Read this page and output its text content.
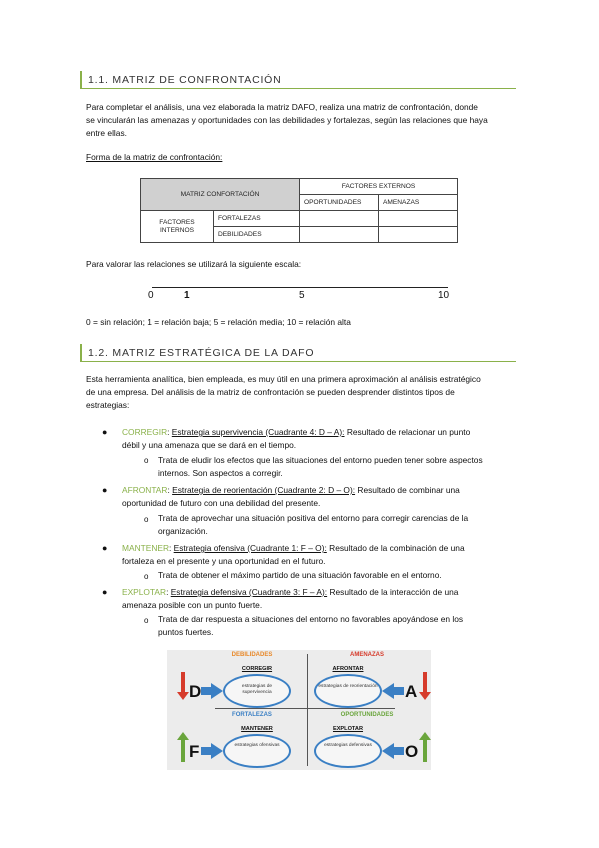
1.1. MATRIZ DE CONFRONTACIÓN
Para completar el análisis, una vez elaborada la matriz DAFO, realiza una matriz de confrontación, donde
se vincularán las amenazas y oportunidades con las debilidades y fortalezas, según las relaciones que haya
entre ellas.
Forma de la matriz de confrontación:
MATRIZ CONFORTACIÓN		FACTORES EXTERNOS	
		OPORTUNIDADES	AMENAZAS
FACTORES INTERNOS	FORTALEZAS		
	DEBILIDADES		
Para valorar las relaciones se utilizará la siguiente escala:
0	1	5	10
0 = sin relación; 1 = relación baja; 5 = relación media; 10 = relación alta
1.2. MATRIZ ESTRATÉGICA DE LA DAFO
Esta herramienta analítica, bien empleada, es muy útil en una primera aproximación al análisis estratégico
de una empresa. Del análisis de la matriz de confrontación se pueden desprender distintos tipos de
estrategias:
● CORREGIR: Estrategia supervivencia (Cuadrante 4: D – A): Resultado de relacionar un punto
débil y una amenaza que se dará en el tiempo.
o Trata de eludir los efectos que las situaciones del entorno pueden tener sobre aspectos
internos. Son aspectos a corregir.
● AFRONTAR: Estrategia de reorientación (Cuadrante 2: D – O): Resultado de combinar una
oportunidad de futuro con una debilidad del presente.
o Trata de aprovechar una situación positiva del entorno para corregir carencias de la
organización.
● MANTENER: Estrategia ofensiva (Cuadrante 1: F – O): Resultado de la combinación de una
fortaleza en el presente y una oportunidad en el futuro.
o Trata de obtener el máximo partido de una situación favorable en el entorno.
● EXPLOTAR: Estrategia defensiva (Cuadrante 3: F – A): Resultado de la interacción de una
amenaza posible con un punto fuerte.
o Trata de dar respuesta a situaciones del entorno no favorables apoyándose en los
puntos fuertes.
DEBILIDADES	AMENAZAS
FORTALEZAS	OPORTUNIDADES
CORREGIR
estrategias de supervivencia
AFRONTAR
estrategias de reorientación
MANTENER
estrategias ofensivas
EXPLOTAR
estrategias defensivas
D	A
F	O
